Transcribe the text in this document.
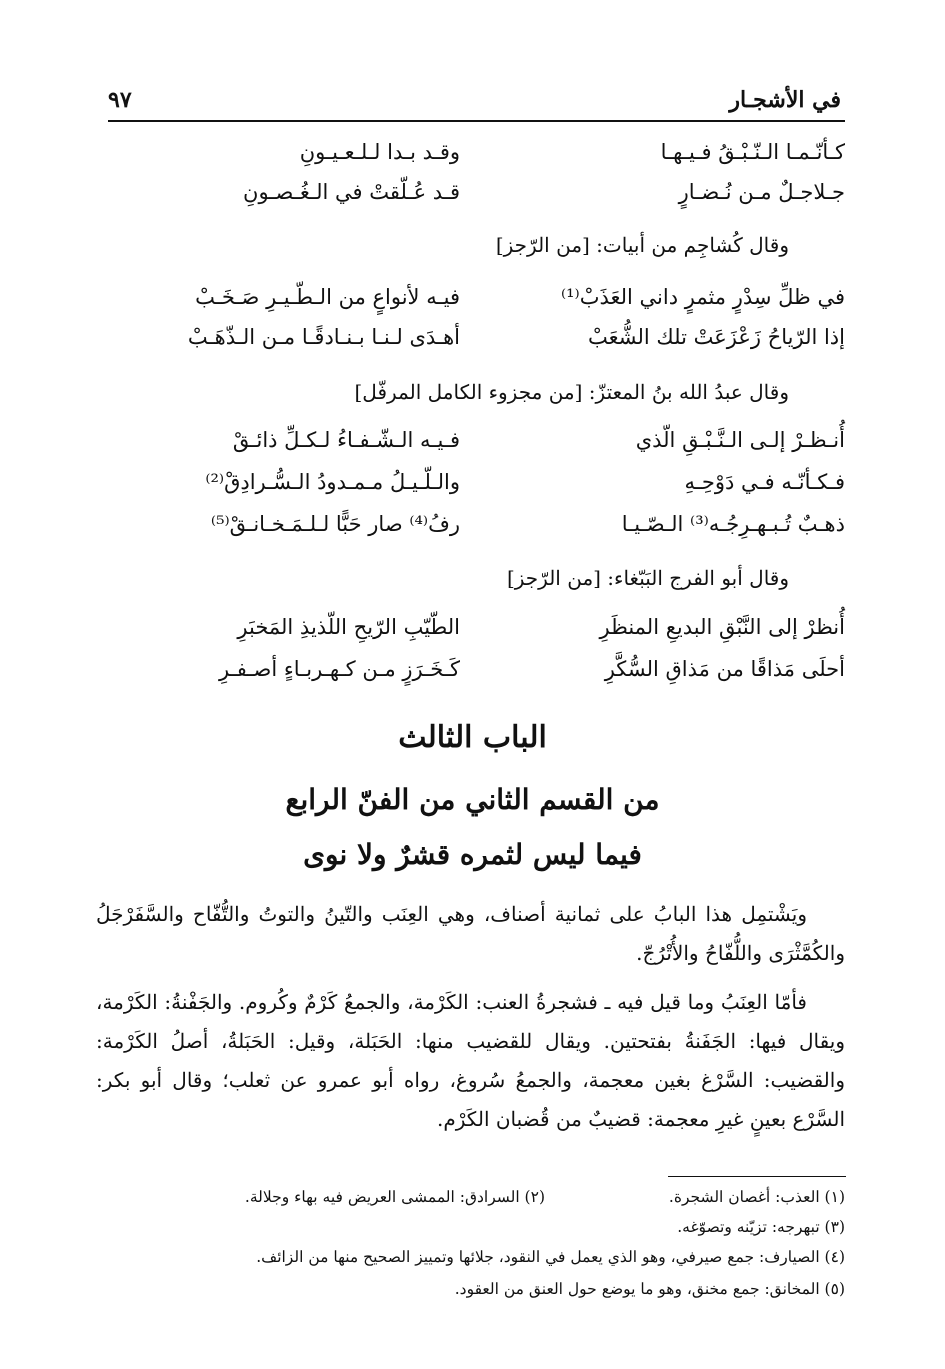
في الأشجـار
٩٧
كـأنّـمـا الـنّـبْـقُ فـيـهـا
وقـد بـدا لـلـعـيـونِ
جـلاجـلٌ مـن نُـضـارٍ
قـد عُـلّقتْ في الـغُـصـونِ
وقال كُشاجِم من أبيات: [من الرّجز]
في ظلِّ سِدْرٍ مثمرٍ داني العَذَبْ⁽¹⁾
فيـه لأنواعٍ من الـطّـيـرِ صَـخَـبْ
إذا الرّياحُ زَعْزَعَتْ تلك الشُّعَبْ
أهـدَى لـنـا بـنـادقًـا مـن الـذّهَـبْ
وقال عبدُ الله بنُ المعتزّ: [من مجزوء الكامل المرفّل]
أُنـظـرْ إلـى الـنَّـبْـقِ الّذي
فـيـه الـشّـفـاءُ لـكـلِّ ذائـقْ
فـكـأنّـه فـي دَوْحِـهِ
والـلّـيـلُ مـمـدودُ الـسُّـرادِقْ⁽²⁾
ذهـبٌ تُـبـهـرِجُـه⁽³⁾ الـصّـيـا
رفُ⁽⁴⁾ صار حَبًّا لـلـمَـخـانـقْ⁽⁵⁾
وقال أبو الفرج البَبّغاء: [من الرّجز]
أُنظرْ إلى النَّبْقِ البديعِ المنظَرِ
الطّيّبِ الرّيحِ اللّذيذِ المَخبَرِ
أحلَى مَذاقًا من مَذاقِ السُّكَّرِ
كَـخَـرَزٍ مـن كـهـربـاءٍ أصـفـرِ
الباب الثالث
من القسم الثاني من الفنّ الرابع
فيما ليس لثمره قشرٌ ولا نوى

ويَشْتمِل هذا البابُ على ثمانية أصناف، وهي العِنَب والتّينُ والتوتُ والتُّفّاح والسَّفَرْجَلُ والكُمَّثْرَى واللُّفّاحُ والأُتْرُجّ.

فأمّا العِنَبُ وما قيل فيه ـ فشجرةُ العنب: الكَرْمة، والجمعُ كَرْمٌ وكُروم. والجَفْنةُ: الكَرْمة، ويقال فيها: الجَفَنةُ بفتحتين. ويقال للقضيب منها: الحَبَلة، وقيل: الحَبَلةُ، أصلُ الكَرْمة: والقضيب: السَّرْغ بغين معجمة، والجمعُ سُروغ، رواه أبو عمرو عن ثعلب؛ وقال أبو بكر: السَّرْع بعينٍ غيرِ معجمة: قضيبٌ من قُضبان الكَرْم.

(١) العذب: أغصان الشجرة.
(٢) السرادق: الممشى العريض فيه بهاء وجلالة.
(٣) تبهرجه: تزيّنه وتصوّغه.
(٤) الصيارف: جمع صيرفي، وهو الذي يعمل في النقود، جلائها وتمييز الصحيح منها من الزائف.
(٥) المخانق: جمع مخنق، وهو ما يوضع حول العنق من العقود.
